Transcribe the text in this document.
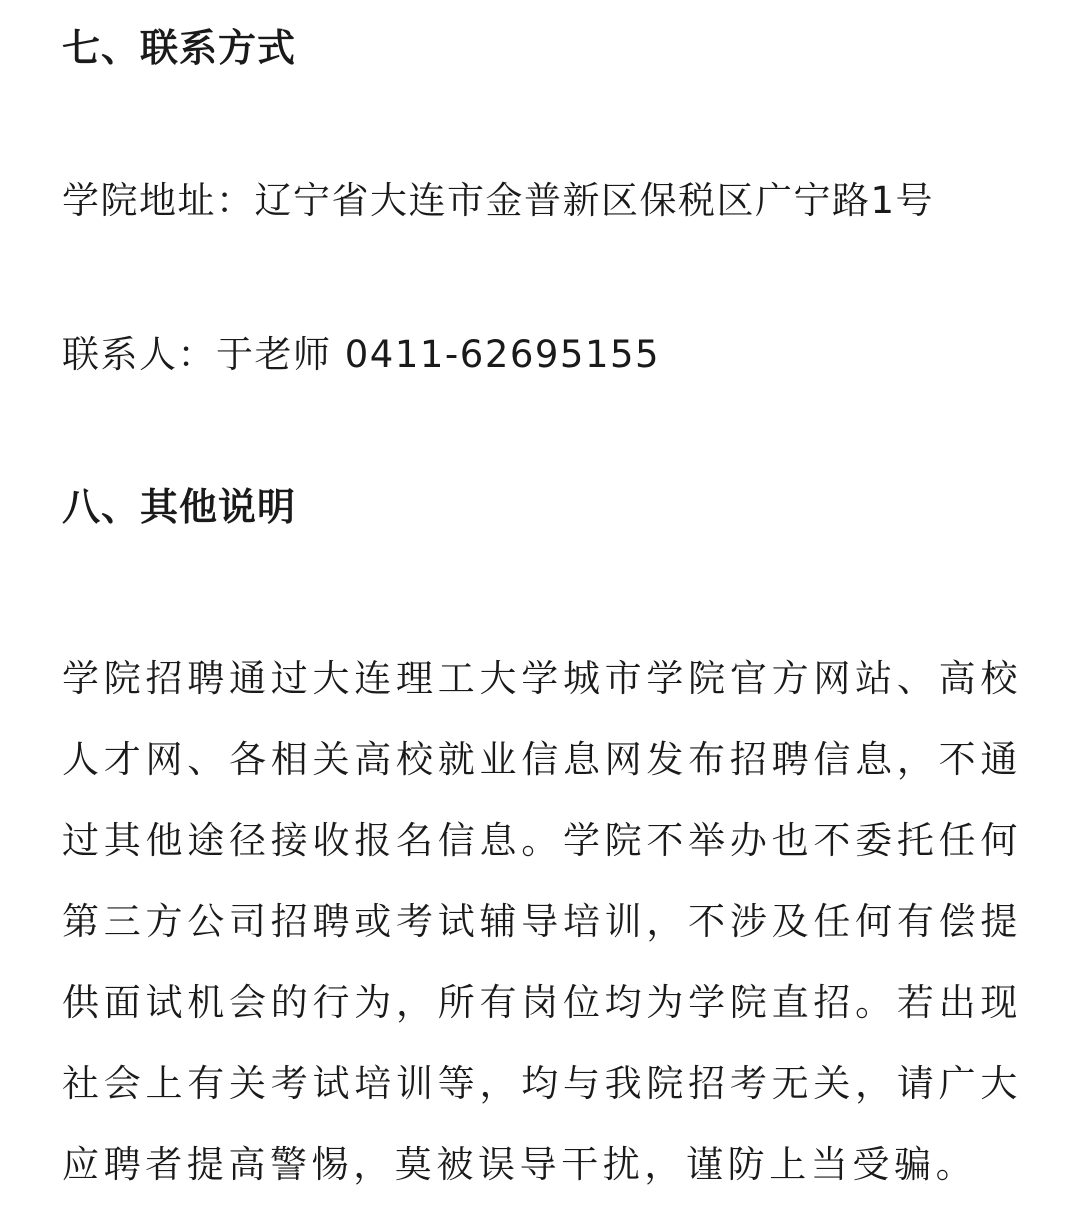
七、联系方式

学院地址：辽宁省大连市金普新区保税区广宁路1号

联系人：于老师 0411-62695155

八、其他说明

学院招聘通过大连理工大学城市学院官方网站、高校人才网、各相关高校就业信息网发布招聘信息，不通过其他途径接收报名信息。学院不举办也不委托任何第三方公司招聘或考试辅导培训，不涉及任何有偿提供面试机会的行为，所有岗位均为学院直招。若出现社会上有关考试培训等，均与我院招考无关，请广大应聘者提高警惕，莫被误导干扰，谨防上当受骗。
